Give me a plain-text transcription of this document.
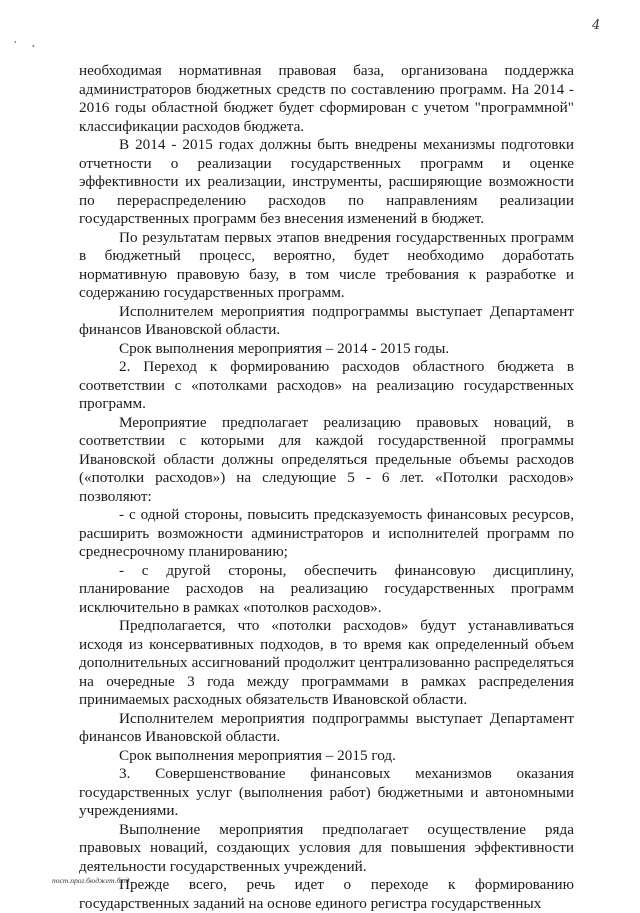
4
,
•

необходимая нормативная правовая база, организована поддержка администраторов бюджетных средств по составлению программ. На 2014 - 2016 годы областной бюджет будет сформирован с учетом "программной" классификации расходов бюджета.

В 2014 - 2015 годах должны быть внедрены механизмы подготовки отчетности о реализации государственных программ и оценке эффективности их реализации, инструменты, расширяющие возможности по перераспределению расходов по направлениям реализации государственных программ без внесения изменений в бюджет.

По результатам первых этапов внедрения государственных программ в бюджетный процесс, вероятно, будет необходимо доработать нормативную правовую базу, в том числе требования к разработке и содержанию государственных программ.

Исполнителем мероприятия подпрограммы выступает Департамент финансов Ивановской области.

Срок выполнения мероприятия – 2014 - 2015 годы.

2. Переход к формированию расходов областного бюджета в соответствии с «потолками расходов» на реализацию государственных программ.

Мероприятие предполагает реализацию правовых новаций, в соответствии с которыми для каждой государственной программы Ивановской области должны определяться предельные объемы расходов («потолки расходов») на следующие 5 - 6 лет. «Потолки расходов» позволяют:

- с одной стороны, повысить предсказуемость финансовых ресурсов, расширить возможности администраторов и исполнителей программ по среднесрочному планированию;

- с другой стороны, обеспечить финансовую дисциплину, планирование расходов на реализацию государственных программ исключительно в рамках «потолков расходов».

Предполагается, что «потолки расходов» будут устанавливаться исходя из консервативных подходов, в то время как определенный объем дополнительных ассигнований продолжит централизованно распределяться на очередные 3 года между программами в рамках распределения принимаемых расходных обязательств Ивановской области.

Исполнителем мероприятия подпрограммы выступает Департамент финансов Ивановской области.

Срок выполнения мероприятия – 2015 год.

3. Совершенствование финансовых механизмов оказания государственных услуг (выполнения работ) бюджетными и автономными учреждениями.

Выполнение мероприятия предполагает осуществление ряда правовых новаций, создающих условия для повышения эффективности деятельности государственных учреждений.

Прежде всего, речь идет о переходе к формированию государственных заданий на основе единого регистра государственных

пост.прог.бюджет.бюд
